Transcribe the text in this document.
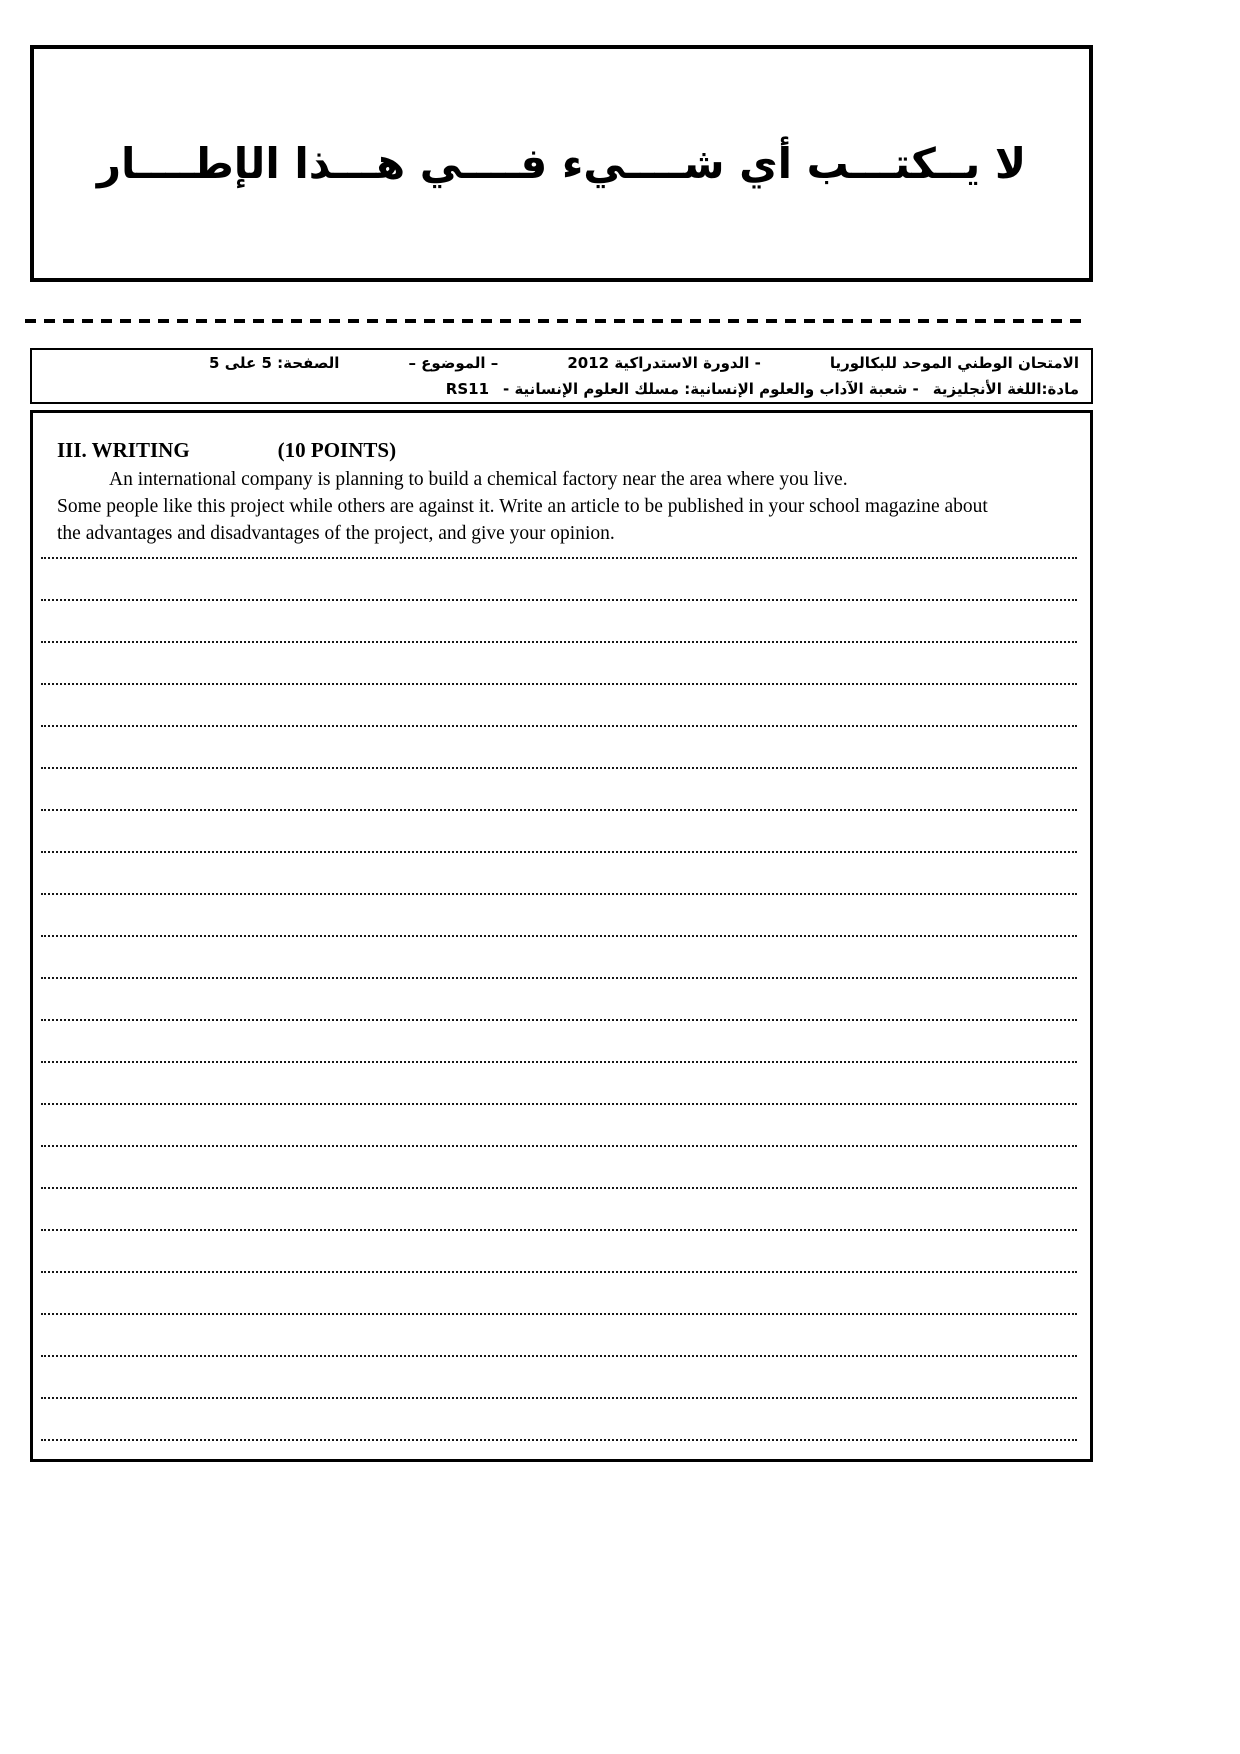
لا يــكتـــب أي شــــيء فــــي هـــذا الإطــــار
الامتحان الوطني الموحد للبكالوريا
- الدورة الاستدراكية 2012
– الموضوع –
الصفحة: 5 على 5
مادة:اللغة الأنجليزية
- شعبة الآداب والعلوم الإنسانية: مسلك العلوم الإنسانية -
RS11
III. WRITING	(10 POINTS)

An international company is planning to build a chemical factory near the area where you live.
Some people like this project while others are against it. Write an article to be published in your school magazine about the advantages and disadvantages of the project, and give your opinion.
